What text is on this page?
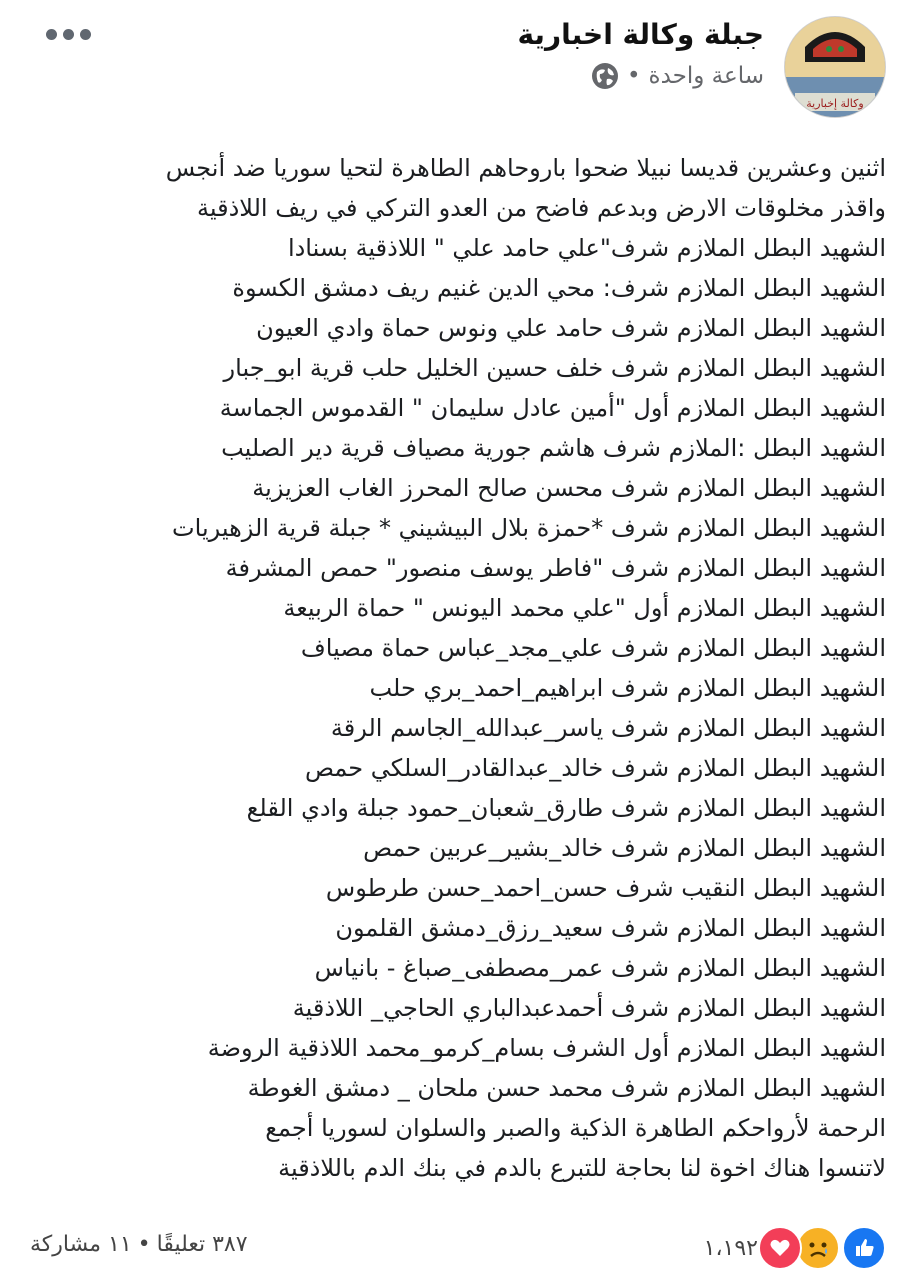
وكالة إخبارية
جبلة وكالة اخبارية
ساعة واحدة
•
اثنين وعشرين قديسا نبيلا ضحوا باروحاهم الطاهرة لتحيا سوريا ضد أنجس
واقذر مخلوقات الارض وبدعم فاضح من العدو التركي في ريف اللاذقية
الشهيد البطل الملازم شرف"علي حامد علي " اللاذقية بسنادا
الشهيد البطل الملازم شرف: محي الدين غنيم ريف دمشق الكسوة
الشهيد البطل الملازم شرف حامد علي ونوس حماة وادي العيون
الشهيد البطل الملازم شرف خلف حسين الخليل حلب قرية ابو_جبار
الشهيد البطل الملازم أول "أمين عادل سليمان " القدموس الجماسة
الشهيد البطل :الملازم شرف هاشم جورية مصياف قرية دير الصليب
الشهيد البطل الملازم شرف محسن صالح المحرز الغاب العزيزية
الشهيد البطل الملازم شرف *حمزة بلال البيشيني * جبلة قرية الزهيريات
الشهيد البطل الملازم شرف "فاطر يوسف منصور" حمص المشرفة
الشهيد البطل الملازم أول "علي محمد اليونس " حماة الربيعة
الشهيد البطل الملازم شرف علي_مجد_عباس حماة مصياف
الشهيد البطل الملازم شرف ابراهيم_احمد_بري حلب
الشهيد البطل الملازم شرف ياسر_عبدالله_الجاسم الرقة
الشهيد البطل الملازم شرف خالد_عبدالقادر_السلكي حمص
الشهيد البطل الملازم شرف طارق_شعبان_حمود جبلة وادي القلع
الشهيد البطل الملازم شرف خالد_بشير_عربين حمص
الشهيد البطل النقيب شرف حسن_احمد_حسن طرطوس
الشهيد البطل الملازم شرف سعيد_رزق_دمشق القلمون
الشهيد البطل الملازم شرف عمر_مصطفى_صباغ - بانياس
الشهيد البطل الملازم شرف أحمدعبدالباري الحاجي_ اللاذقية
الشهيد البطل الملازم أول الشرف بسام_كرمو_محمد اللاذقية الروضة
الشهيد البطل الملازم شرف محمد حسن ملحان _ دمشق الغوطة
الرحمة لأرواحكم الطاهرة الذكية والصبر والسلوان لسوريا أجمع
لاتنسوا هناك اخوة لنا بحاجة للتبرع بالدم في بنك الدم باللاذقية
١،١٩٢
٣٨٧ تعليقًا
•
١١ مشاركة
